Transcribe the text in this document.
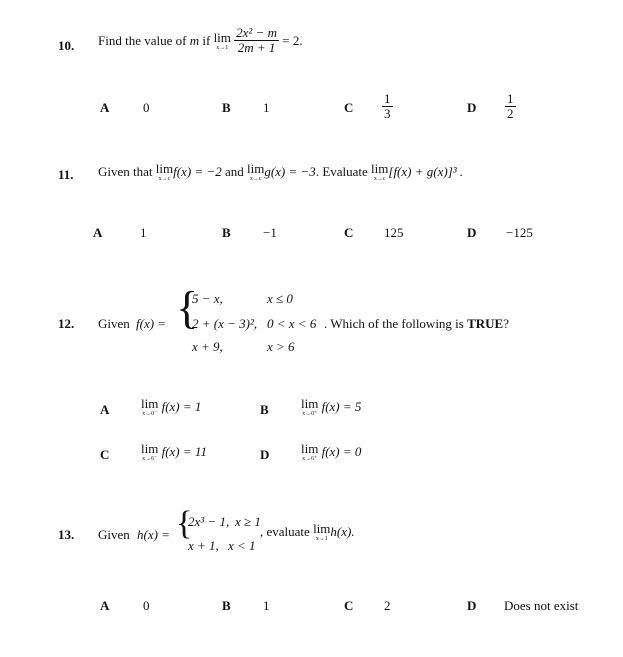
10. Find the value of m if lim
x→1
$\frac{\text{2x² − m}}{2m + 1} = 2$.
A	0	B 1	C $\frac{1}{3}$	D $\frac{1}{2}$
11. Given that lim
x→c f(x) = −2 and lim
x→c g(x) = −3. Evaluate lim
x→c [f(x) + g(x)]³ .
A	1	B −1	C 125	D −125
12. Given f(x) = {
5 − x,	x ≤ 0
2 + (x − 3)², 0 < x < 6
x + 9,	x > 6
. Which of the following is TRUE?
A lim
x→0⁻ f(x) = 1	B lim
x→0⁺ f(x) = 5
C lim
x→6⁻ f(x) = 11	D lim
x→6⁺ f(x) = 0
13. Given h(x) = {
2x³ − 1, x ≥ 1
x + 1, x < 1
, evaluate lim
x→1 h(x).
A	0	B 1	C 2	D Does not exist
